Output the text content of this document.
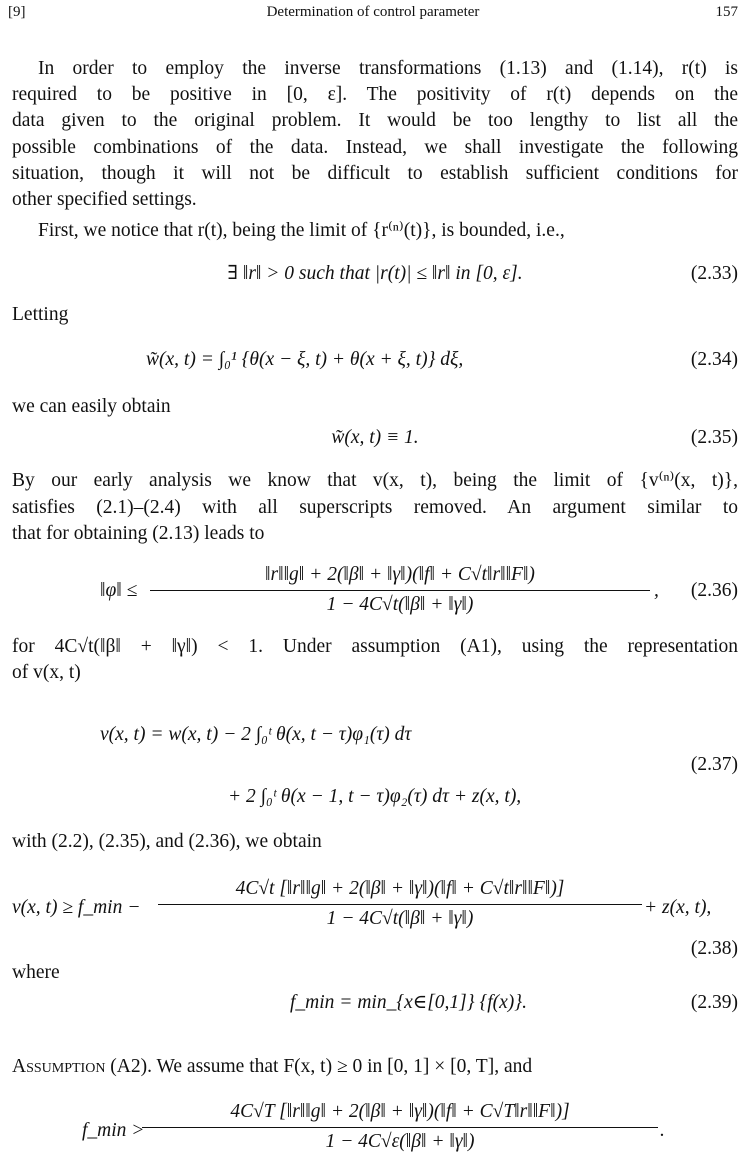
[9]	Determination of control parameter	157
In order to employ the inverse transformations (1.13) and (1.14), r(t) is
required to be positive in [0, ε]. The positivity of r(t) depends on the
data given to the original problem. It would be too lengthy to list all the
possible combinations of the data. Instead, we shall investigate the following
situation, though it will not be difficult to establish sufficient conditions for
other specified settings.
First, we notice that r(t), being the limit of {r⁽ⁿ⁾(t)}, is bounded, i.e.,
∃ ‖r‖ > 0 such that |r(t)| ≤ ‖r‖ in [0, ε].	(2.33)
Letting
w̃(x, t) = ∫₀¹ {θ(x − ξ, t) + θ(x + ξ, t)} dξ,	(2.34)
we can easily obtain
w̃(x, t) ≡ 1.	(2.35)
By our early analysis we know that v(x, t), being the limit of {v⁽ⁿ⁾(x, t)},
satisfies (2.1)–(2.4) with all superscripts removed. An argument similar to
that for obtaining (2.13) leads to
‖φ‖ ≤ $\frac{‖r‖‖g‖ + 2(‖\beta‖ + ‖\gamma‖)(‖f‖ + C√t‖r‖‖F‖)}{1 - 4C√t(‖\beta‖ + ‖\gamma‖)}$ , (2.36)
for 4C√t(‖β‖ + ‖γ‖) < 1. Under assumption (A1), using the representation
of v(x, t)
v(x, t) = w(x, t) − 2 ∫₀ᵗ θ(x, t − τ)φ₁(τ) dτ
+ 2 ∫₀ᵗ θ(x − 1, t − τ)φ₂(τ) dτ + z(x, t),
(2.37)
with (2.2), (2.35), and (2.36), we obtain
v(x, t) ≥ f_min − $\frac{4C√t [‖r‖‖g‖ + 2(‖\beta‖ + ‖\gamma‖)(‖f‖ + C√t‖r‖‖F‖)]}{1 - 4C√t(‖\beta‖ + ‖\gamma‖)} + z(x$, t),
(2.38)
where
f_min = min_{x∈[0,1]} {f(x)}.	(2.39)
Assumption (A2). We assume that F(x, t) ≥ 0 in [0, 1] × [0, T], and
f_min >
$\frac{4C√T [‖r‖‖g‖ + 2(‖\beta‖ + ‖\gamma‖)(‖f‖ + C√T‖r‖‖F‖)]}{1 - 4C√\varepsilon(‖\beta‖ + ‖\gamma‖)}$ .
